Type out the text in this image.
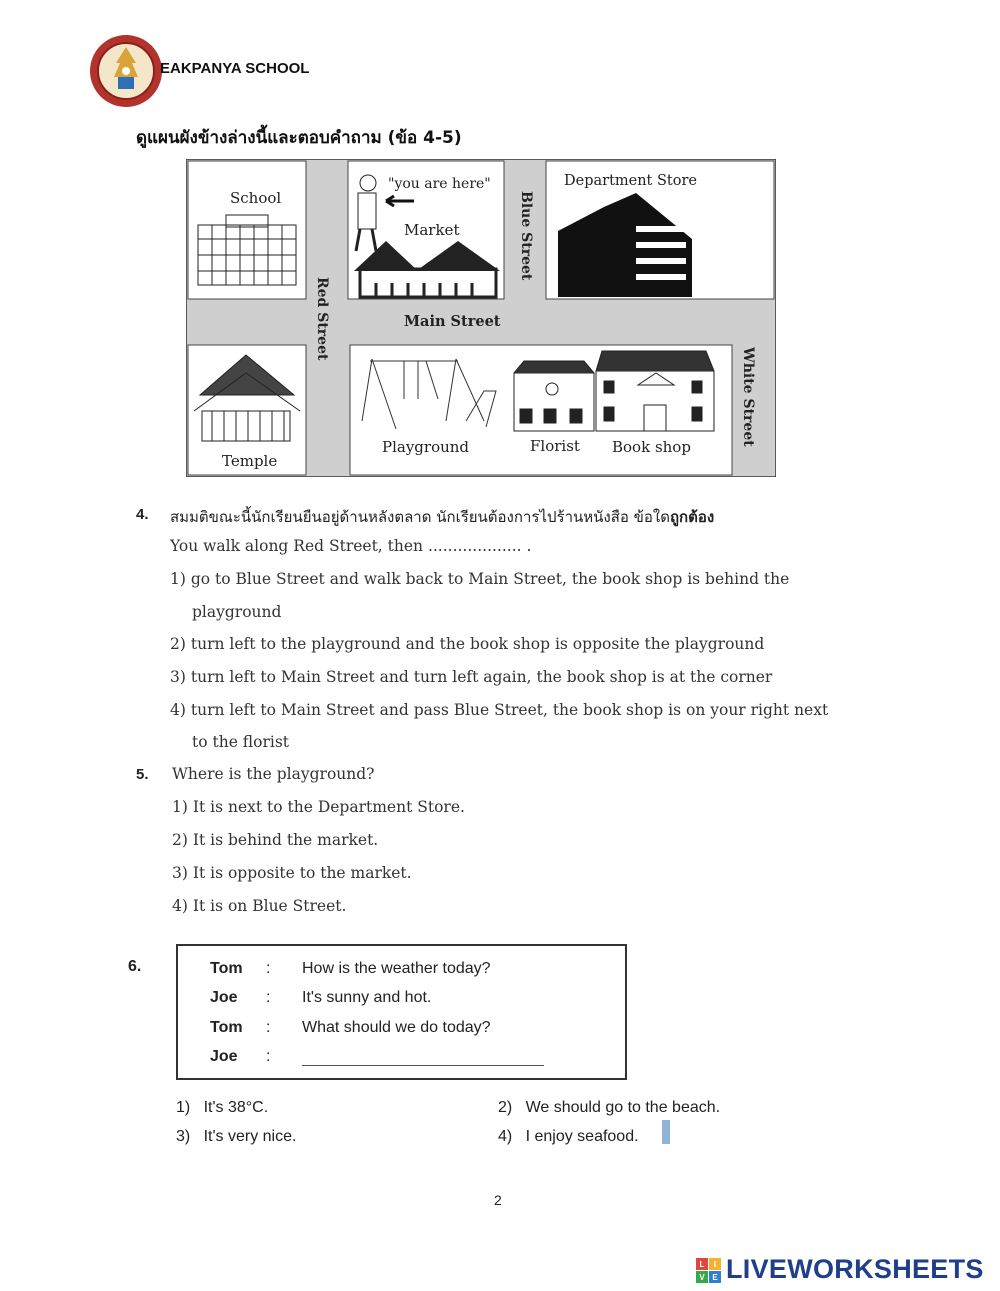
EAKPANYA SCHOOL
ดูแผนผังข้างล่างนี้และตอบคำถาม (ข้อ 4-5)
School
"you are here"
Market
Department Store
Temple
Playground	Florist Book shop
Main Street
Red Street
Blue Street
White Street
4. สมมติขณะนี้นักเรียนยืนอยู่ด้านหลังตลาด นักเรียนต้องการไปร้านหนังสือ ข้อใดถูกต้อง
You walk along Red Street, then ................... .
1) go to Blue Street and walk back to Main Street, the book shop is behind the
playground
2) turn left to the playground and the book shop is opposite the playground
3) turn left to Main Street and turn left again, the book shop is at the corner
4) turn left to Main Street and pass Blue Street, the book shop is on your right next
to the florist
5. Where is the playground?
1) It is next to the Department Store.
2) It is behind the market.
3) It is opposite to the market.
4) It is on Blue Street.
6.	Tom : How is the weather today?
Joe : It's sunny and hot.
Tom : What should we do today?
Joe :
1) It's 38°C.	2) We should go to the beach.
3) It's very nice.	4) I enjoy seafood.
2
L I
V E LIVEWORKSHEETS
